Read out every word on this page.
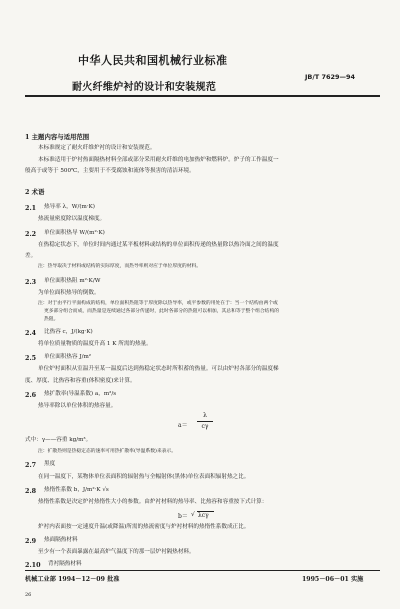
中华人民共和国机械行业标准
耐火纤维炉衬的设计和安装规范
JB/T 7629—94
1 主题内容与适用范围
本标准规定了耐火纤维炉衬的设计和安装规范。
本标准适用于炉衬热面隔热材料全部或部分采用耐火纤维的电加热炉和燃料炉。炉子的工作温度一
般高于或等于 500℃，主要用于不受腐蚀和流体等损害的清洁环境。
2 术语
2.1 热导率 λ，W/(m·K)
热流量密度除以温度梯度。
2.2 单位面积热导 W/(m²·K)
在热稳定状态下，单位时间内通过某平板材料或结构的单位面积传递的热量除以热冷面之间的温度
差。
注：热导取决于材料或结构的实际厚度，而热导率则对应于单位厚度的材料。
2.3 单位面积热阻 m²·K/W
为单位面积热导的倒数。
注：对于由平行平面构成的结构，单位面积热阻等于厚度除以热导率，或平参数的用处在于：当一个结构由两个或
更多部分组合而成，而热量是连续通过各部分传递时，此时各部分的热阻可以相加，其总和等于整个组合结构的
热阻。
2.4 比热容 c，J/(kg·K)
将单位质量物质的温度升高 1 K 所需的热量。
2.5 单位面积热容 J/m²
单位炉衬面积从室温升至某一温度后达到热稳定状态时所积蓄的热量。可以由炉衬各部分的温度梯
度、厚度、比热容和容重(体积密度)来计算。
2.6 热扩散率(导温系数) a，m²/s
热导率除以单位体积的热容量。
a＝
λ
cγ
式中：γ——容重 kg/m³。
注：扩散热则是热稳定态的速率可用热扩散率(导温系数)来表示。
2.7 黑度
在同一温度下，某物体单位表面积的辐射热与全幅射体(黑体)单位表面积辐射热之比。
2.8 热惰性系数 b，J/m²·K √s
热惰性系数是决定炉衬热惰性大小的参数。由炉衬材料的热导率、比热容和容重按下式计算：
b＝ √ λcγ
炉衬内表面按一定速度升温(或降温)所需的热流密度与炉衬材料的热惰性系数成正比。
2.9 热面隔热材料
至少有一个表面暴露在最高炉气温度下的那一层炉衬隔热材料。
2.10 背衬隔热材料
机械工业部 1994－12－09 批准	1995－06－01 实施
26
